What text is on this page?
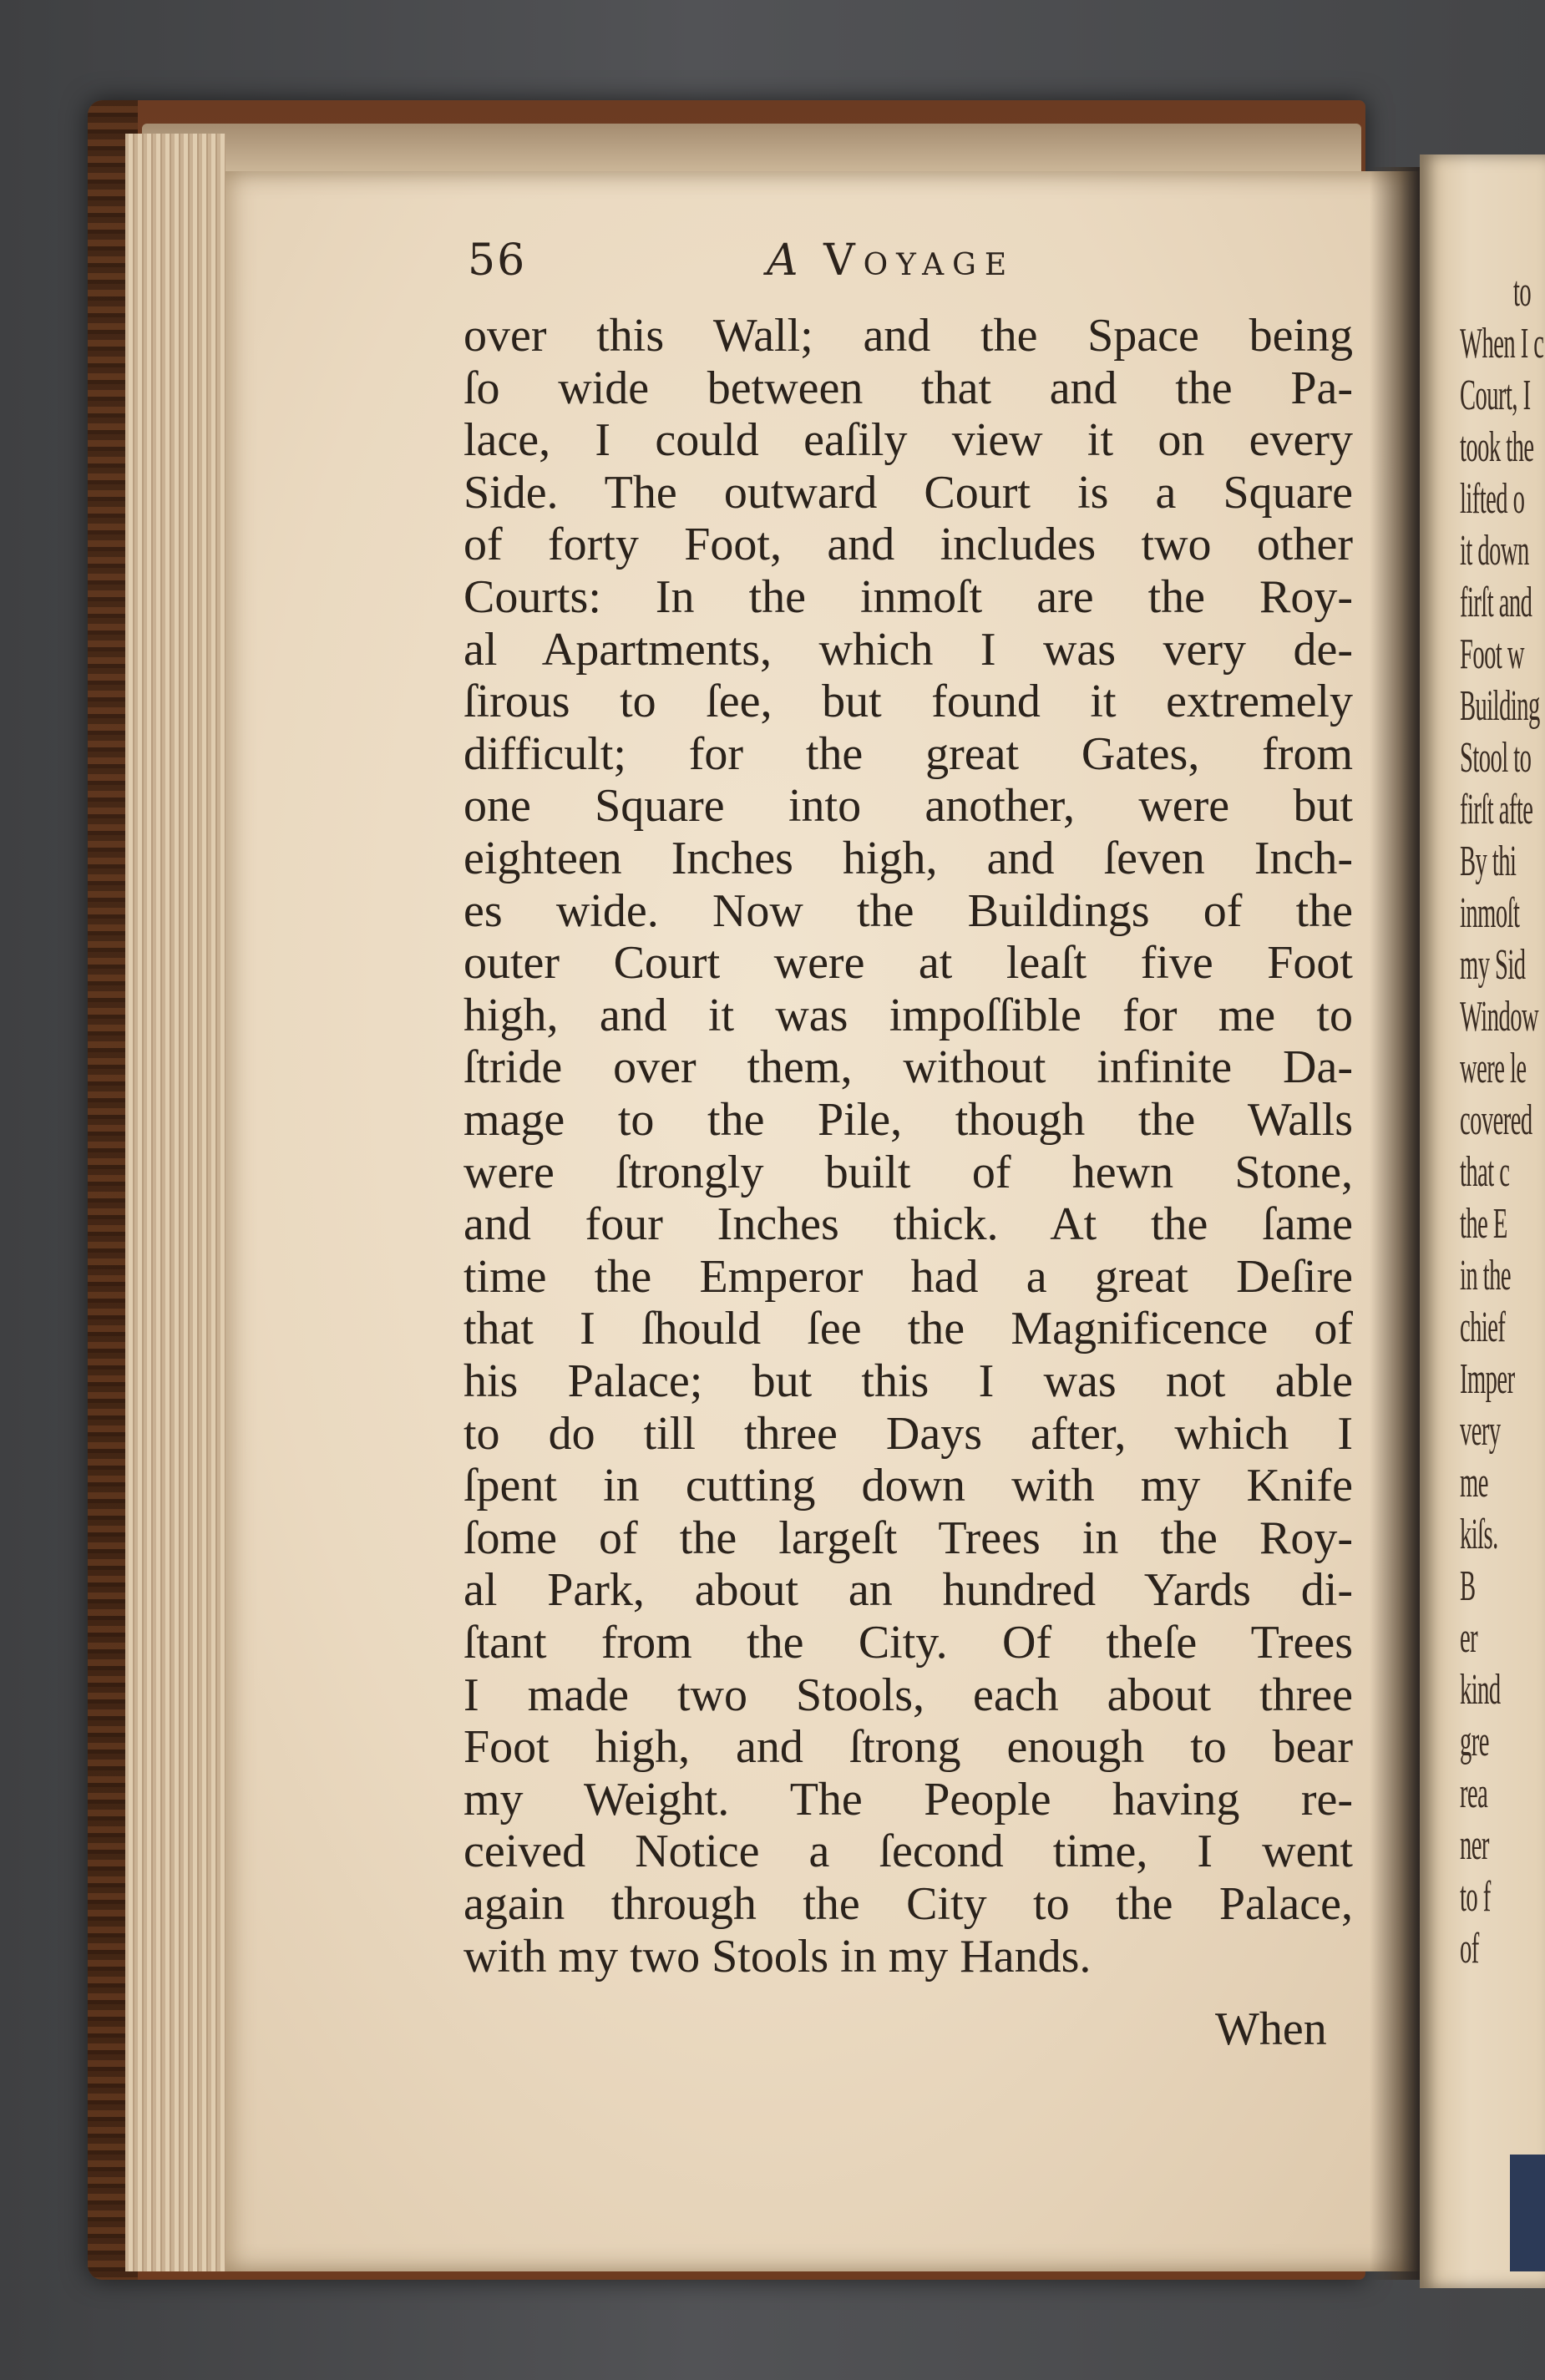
to
When I c
Court, I
took the
lifted o
it down
firſt and
Foot w
Building
Stool to
firſt afte
By thi
inmoſt
my Sid
Window
were le
covered
that c
the E
in the
chief
Imper
very
me
kiſs.
B
er
kind
gre
rea
ner
to f
of
56	A Voyage
over this Wall; and the Space being
ſo wide between that and the Pa-
lace, I could eaſily view it on every
Side. The outward Court is a Square
of forty Foot, and includes two other
Courts: In the inmoſt are the Roy-
al Apartments, which I was very de-
ſirous to ſee, but found it extremely
difficult; for the great Gates, from
one Square into another, were but
eighteen Inches high, and ſeven Inch-
es wide. Now the Buildings of the
outer Court were at leaſt five Foot
high, and it was impoſſible for me to
ſtride over them, without infinite Da-
mage to the Pile, though the Walls
were ſtrongly built of hewn Stone,
and four Inches thick. At the ſame
time the Emperor had a great Deſire
that I ſhould ſee the Magnificence of
his Palace; but this I was not able
to do till three Days after, which I
ſpent in cutting down with my Knife
ſome of the largeſt Trees in the Roy-
al Park, about an hundred Yards di-
ſtant from the City. Of theſe Trees
I made two Stools, each about three
Foot high, and ſtrong enough to bear
my Weight. The People having re-
ceived Notice a ſecond time, I went
again through the City to the Palace,
with my two Stools in my Hands.
When
